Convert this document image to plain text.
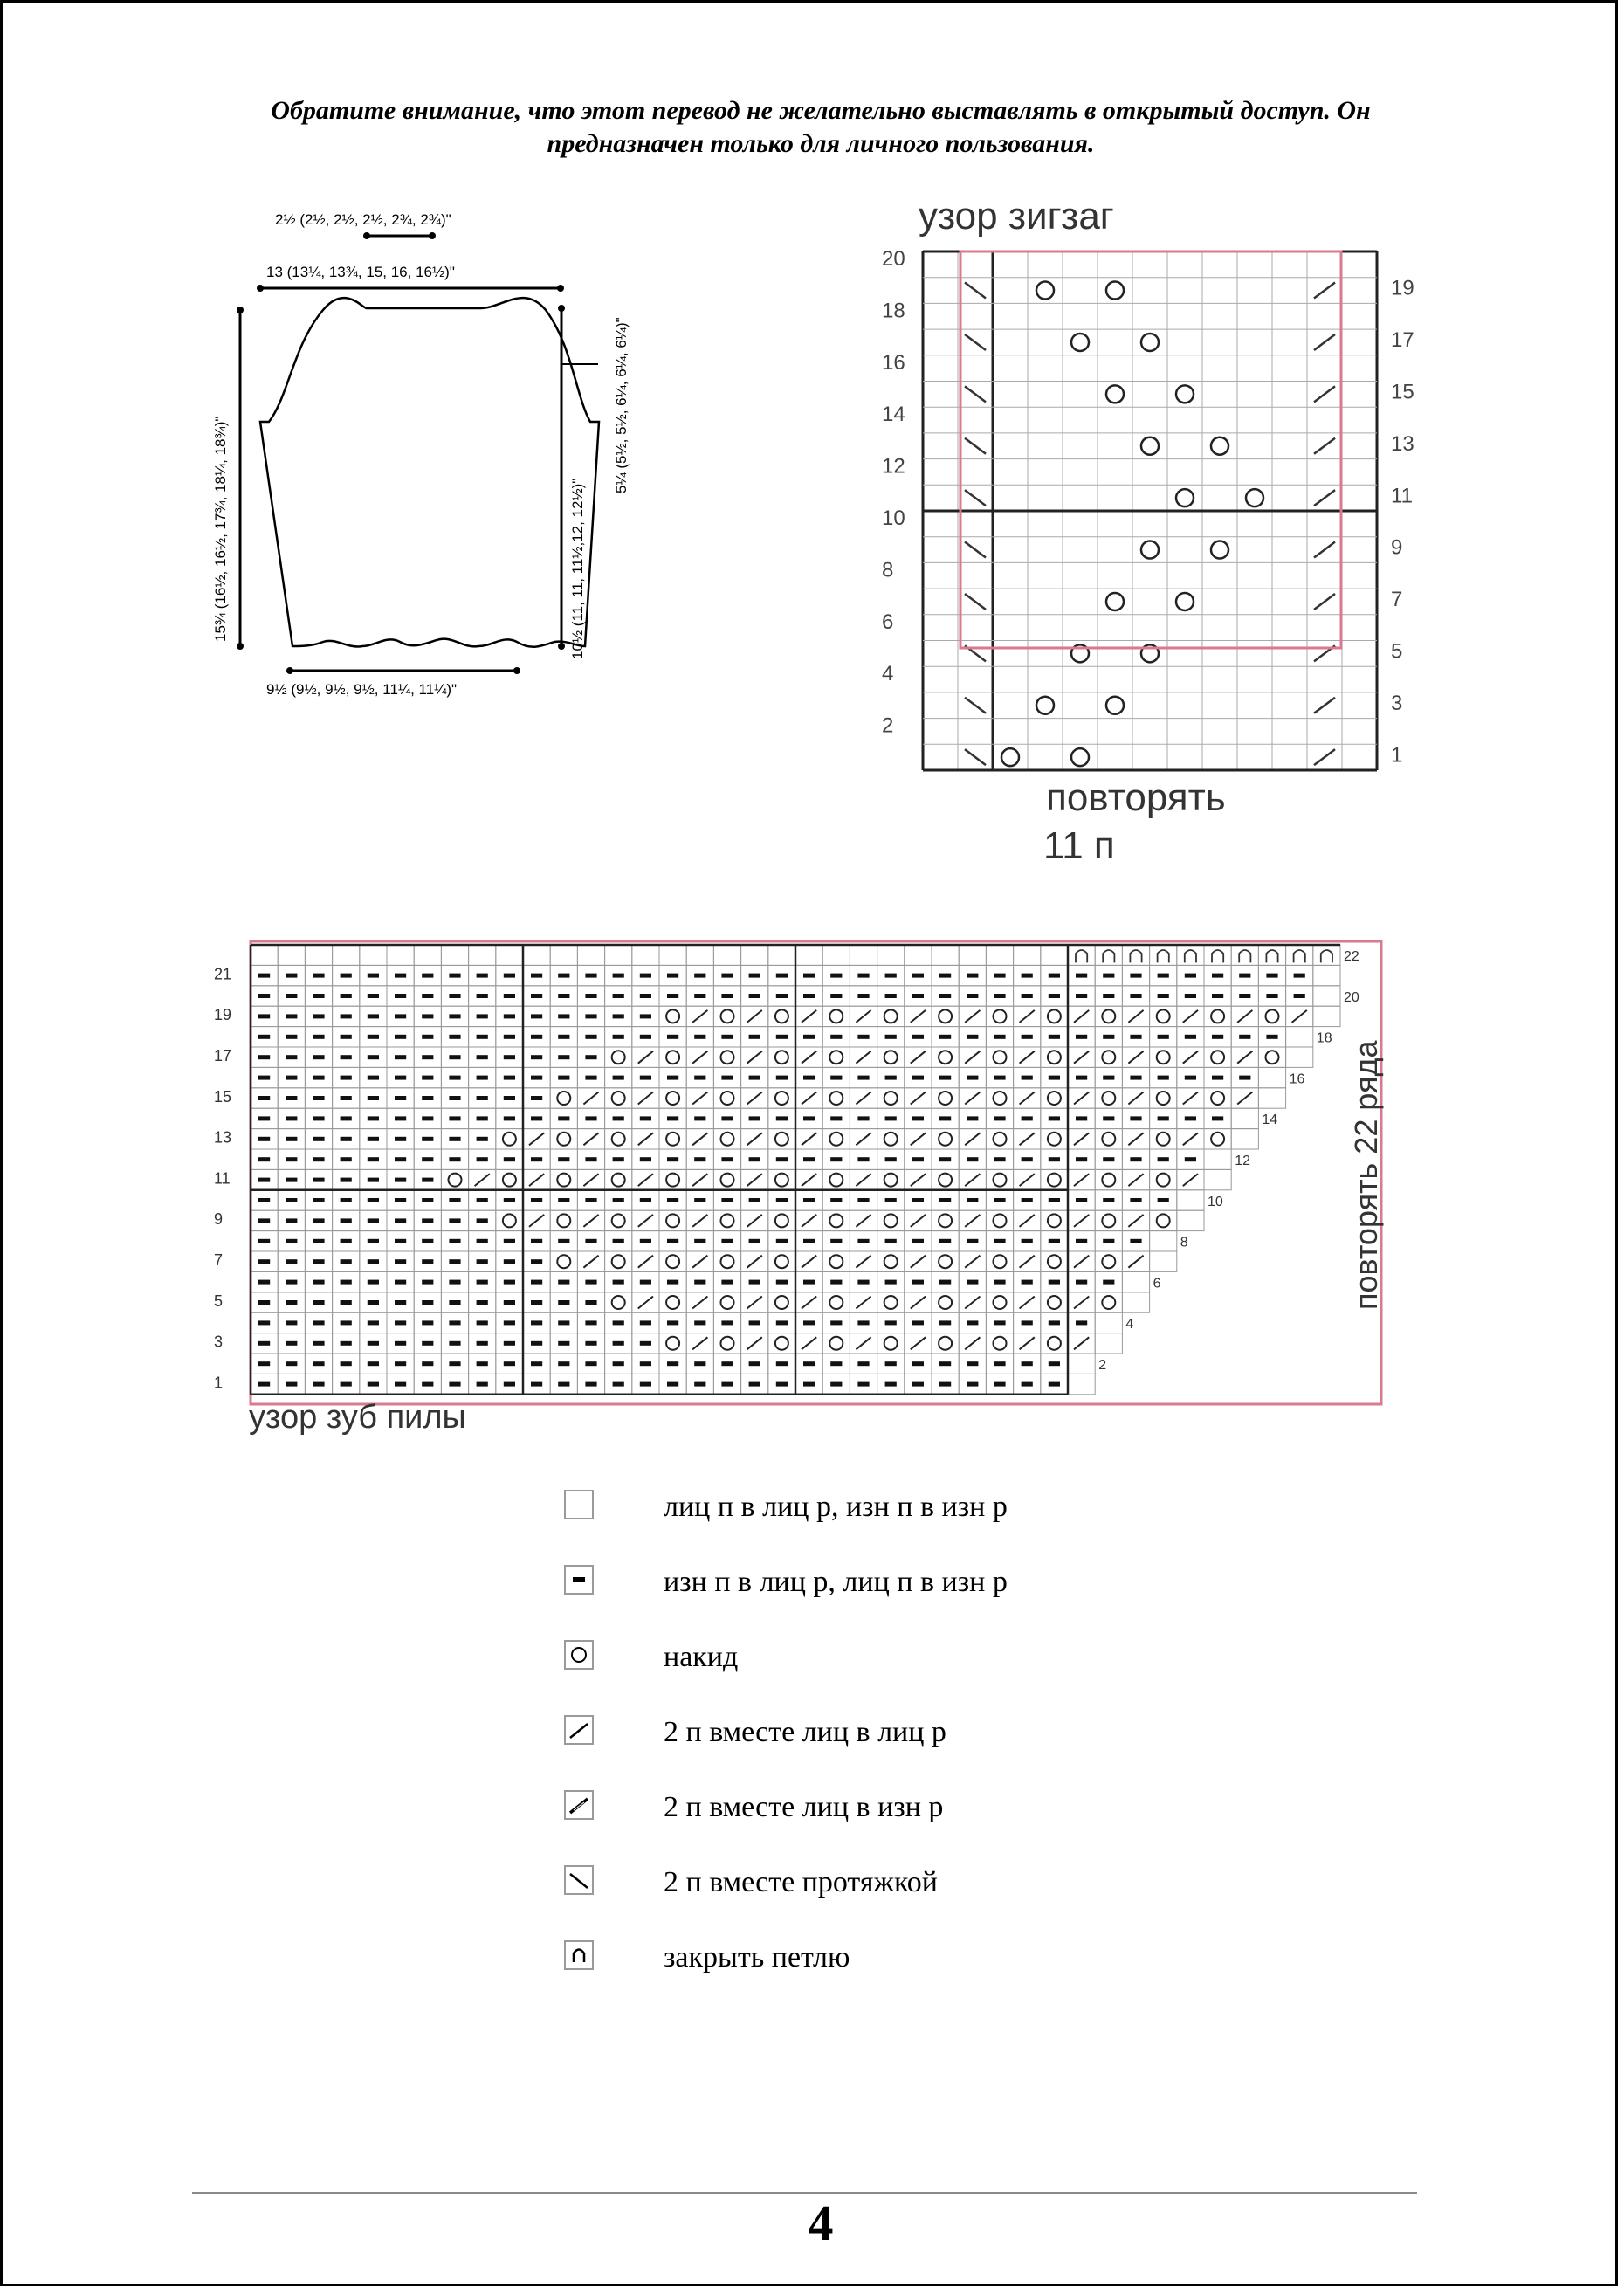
Обратите внимание, что этот перевод не желательно выставлять в открытый доступ. Он
предназначен только для личного пользования.
2½ (2½, 2½, 2½, 2¾, 2¾)"
13 (13¼, 13¾, 15, 16, 16½)"
15¾ (16½, 16½, 17¾, 18¼, 18¾)"	10½ (11, 11, 11½,12, 12½)"
5¼ (5½, 5½, 6¼, 6¼, 6¼)"
9½ (9½, 9½, 9½, 11¼, 11¼)"
узор зигзаг
20
18
16
14
12
10
8
6
4
2
19
17
15
13
11
9
7
5
3
1
повторять
11 п
21
19
17
15
13
11
9
7
5
3
1
22
20
18
16
14
12
10
8
6
4
2
узор зуб пилы
повторять 22 ряда
лиц п в лиц р, изн п в изн р
изн п в лиц р, лиц п в изн р
накид
2 п вместе лиц в лиц р
2 п вместе лиц в изн р
2 п вместе протяжкой
закрыть петлю
4
